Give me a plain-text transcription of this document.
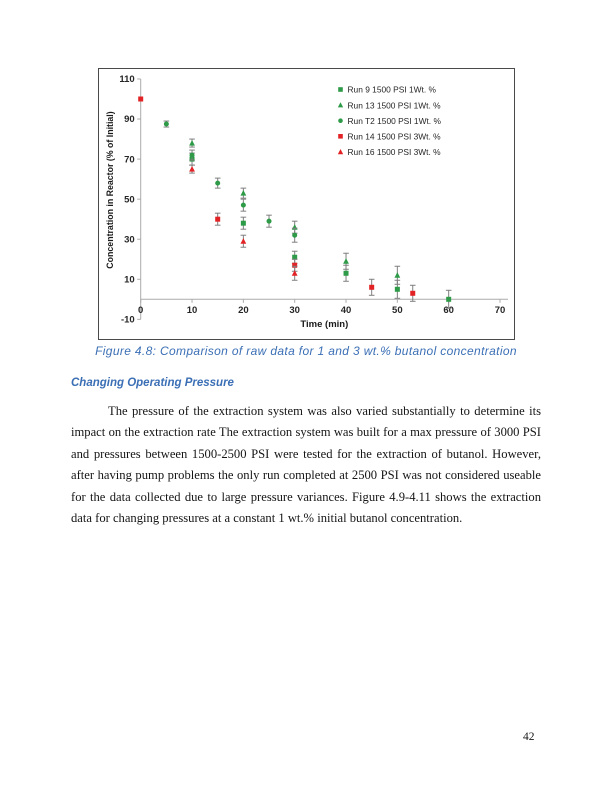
110
90
70
50
30
10
-10
0	10	20	30	40	50	60	70
Time (min)
Concentration in Reactor (% of Initial)
Run 9 1500 PSI 1Wt. %
Run 13 1500 PSI 1Wt. %
Run T2 1500 PSI 1Wt. %
Run 14 1500 PSI 3Wt. %
Run 16 1500 PSI 3Wt. %
Figure 4.8: Comparison of raw data for 1 and 3 wt.% butanol concentration
Changing Operating Pressure
The pressure of the extraction system was also varied substantially to determine its impact on the extraction rate The extraction system was built for a max pressure of 3000 PSI and pressures between 1500-2500 PSI were tested for the extraction of butanol. However, after having pump problems the only run completed at 2500 PSI was not considered useable for the data collected due to large pressure variances. Figure 4.9-4.11 shows the extraction data for changing pressures at a constant 1 wt.% initial butanol concentration.
42
